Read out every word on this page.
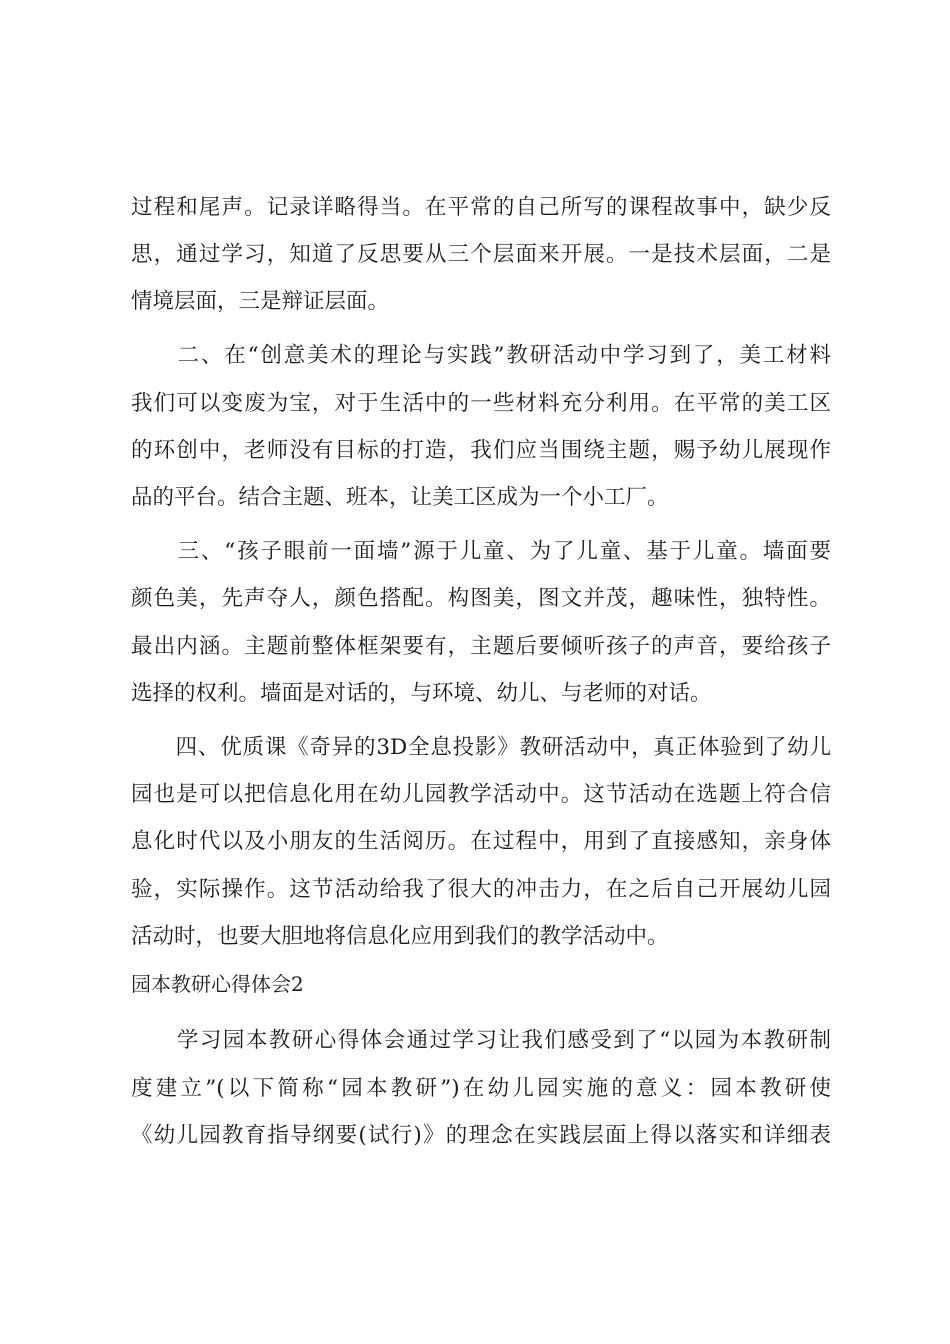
过程和尾声。记录详略得当。在平常的自己所写的课程故事中，缺少反
思，通过学习，知道了反思要从三个层面来开展。一是技术层面，二是
情境层面，三是辩证层面。
　　二、在“创意美术的理论与实践”教研活动中学习到了，美工材料
我们可以变废为宝，对于生活中的一些材料充分利用。在平常的美工区
的环创中，老师没有目标的打造，我们应当围绕主题，赐予幼儿展现作
品的平台。结合主题、班本，让美工区成为一个小工厂。
　　三、“孩子眼前一面墙”源于儿童、为了儿童、基于儿童。墙面要
颜色美，先声夺人，颜色搭配。构图美，图文并茂，趣味性，独特性。
最出内涵。主题前整体框架要有，主题后要倾听孩子的声音，要给孩子
选择的权利。墙面是对话的，与环境、幼儿、与老师的对话。
　　四、优质课《奇异的3D全息投影》教研活动中，真正体验到了幼儿
园也是可以把信息化用在幼儿园教学活动中。这节活动在选题上符合信
息化时代以及小朋友的生活阅历。在过程中，用到了直接感知，亲身体
验，实际操作。这节活动给我了很大的冲击力，在之后自己开展幼儿园
活动时，也要大胆地将信息化应用到我们的教学活动中。
园本教研心得体会2
　　学习园本教研心得体会通过学习让我们感受到了“以园为本教研制
度建立”(以下简称“园本教研”)在幼儿园实施的意义：园本教研使
《幼儿园教育指导纲要(试行)》的理念在实践层面上得以落实和详细表
